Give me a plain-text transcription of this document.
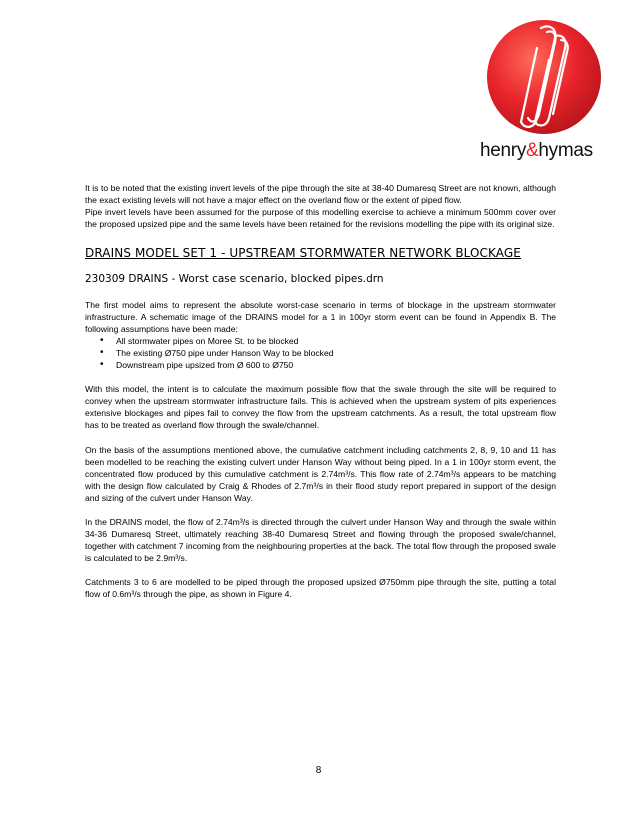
henry&hymas

It is to be noted that the existing invert levels of the pipe through the site at 38-40 Dumaresq Street are not known, although the exact existing levels will not have a major effect on the overland flow or the extent of piped flow.

Pipe invert levels have been assumed for the purpose of this modelling exercise to achieve a minimum 500mm cover over the proposed upsized pipe and the same levels have been retained for the revisions modelling the pipe with its original size.

DRAINS MODEL SET 1 - UPSTREAM STORMWATER NETWORK BLOCKAGE
230309 DRAINS - Worst case scenario, blocked pipes.drn

The first model aims to represent the absolute worst-case scenario in terms of blockage in the upstream stormwater infrastructure. A schematic image of the DRAINS model for a 1 in 100yr storm event can be found in Appendix B. The following assumptions have been made:

• All stormwater pipes on Moree St. to be blocked
• The existing Ø750 pipe under Hanson Way to be blocked
• Downstream pipe upsized from Ø 600 to Ø750

With this model, the intent is to calculate the maximum possible flow that the swale through the site will be required to convey when the upstream stormwater infrastructure fails. This is achieved when the upstream system of pits experiences extensive blockages and pipes fail to convey the flow from the upstream catchments. As a result, the total upstream flow has to be treated as overland flow through the swale/channel.

On the basis of the assumptions mentioned above, the cumulative catchment including catchments 2, 8, 9, 10 and 11 has been modelled to be reaching the existing culvert under Hanson Way without being piped. In a 1 in 100yr storm event, the concentrated flow produced by this cumulative catchment is 2.74m³/s. This flow rate of 2.74m³/s appears to be matching with the design flow calculated by Craig & Rhodes of 2.7m³/s in their flood study report prepared in support of the design and sizing of the culvert under Hanson Way.

In the DRAINS model, the flow of 2.74m³/s is directed through the culvert under Hanson Way and through the swale within 34-36 Dumaresq Street, ultimately reaching 38-40 Dumaresq Street and flowing through the proposed swale/channel, together with catchment 7 incoming from the neighbouring properties at the back. The total flow through the proposed swale is calculated to be 2.9m³/s.

Catchments 3 to 6 are modelled to be piped through the proposed upsized Ø750mm pipe through the site, putting a total flow of 0.6m³/s through the pipe, as shown in Figure 4.

8
